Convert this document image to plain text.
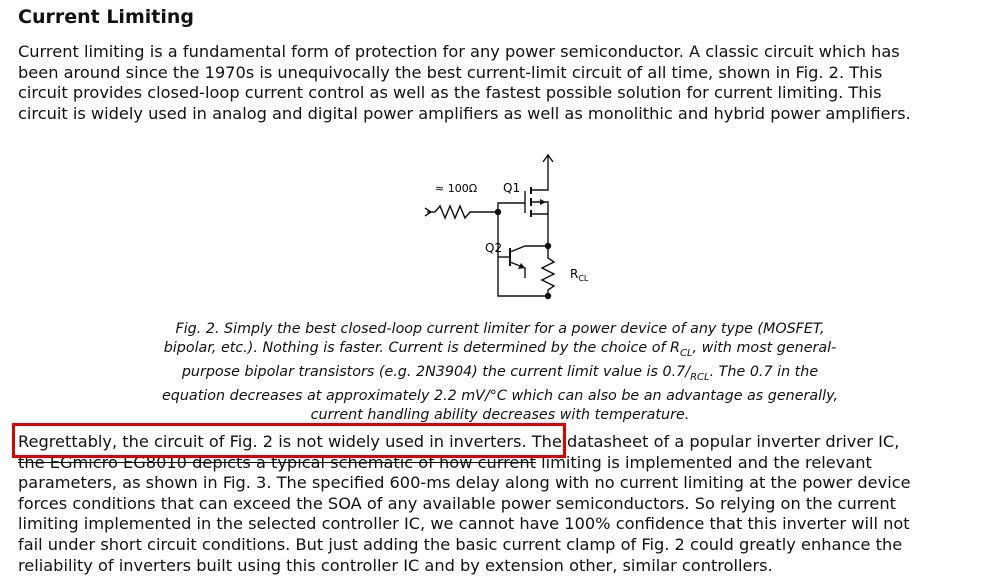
Current Limiting
Current limiting is a fundamental form of protection for any power semiconductor. A classic circuit which has
been around since the 1970s is unequivocally the best current-limit circuit of all time, shown in Fig. 2. This
circuit provides closed-loop current control as well as the fastest possible solution for current limiting. This
circuit is widely used in analog and digital power amplifiers as well as monolithic and hybrid power amplifiers.
≈ 100Ω Q1
Q2
$R_{CL}$
Fig. 2. Simply the best closed-loop current limiter for a power device of any type (MOSFET,
bipolar, etc.). Nothing is faster. Current is determined by the choice of $R_{CL}$, with most general-
purpose bipolar transistors (e.g. 2N3904) the current limit value is $0.7/_{RCL}$. The 0.7 in the
equation decreases at approximately 2.2 mV/°C which can also be an advantage as generally,
current handling ability decreases with temperature.
Regrettably, the circuit of Fig. 2 is not widely used in inverters. The datasheet of a popular inverter driver IC,
the EGmicro EG8010 depicts a typical schematic of how current limiting is implemented and the relevant
parameters, as shown in Fig. 3. The specified 600-ms delay along with no current limiting at the power device
forces conditions that can exceed the SOA of any available power semiconductors. So relying on the current
limiting implemented in the selected controller IC, we cannot have 100% confidence that this inverter will not
fail under short circuit conditions. But just adding the basic current clamp of Fig. 2 could greatly enhance the
reliability of inverters built using this controller IC and by extension other, similar controllers.
